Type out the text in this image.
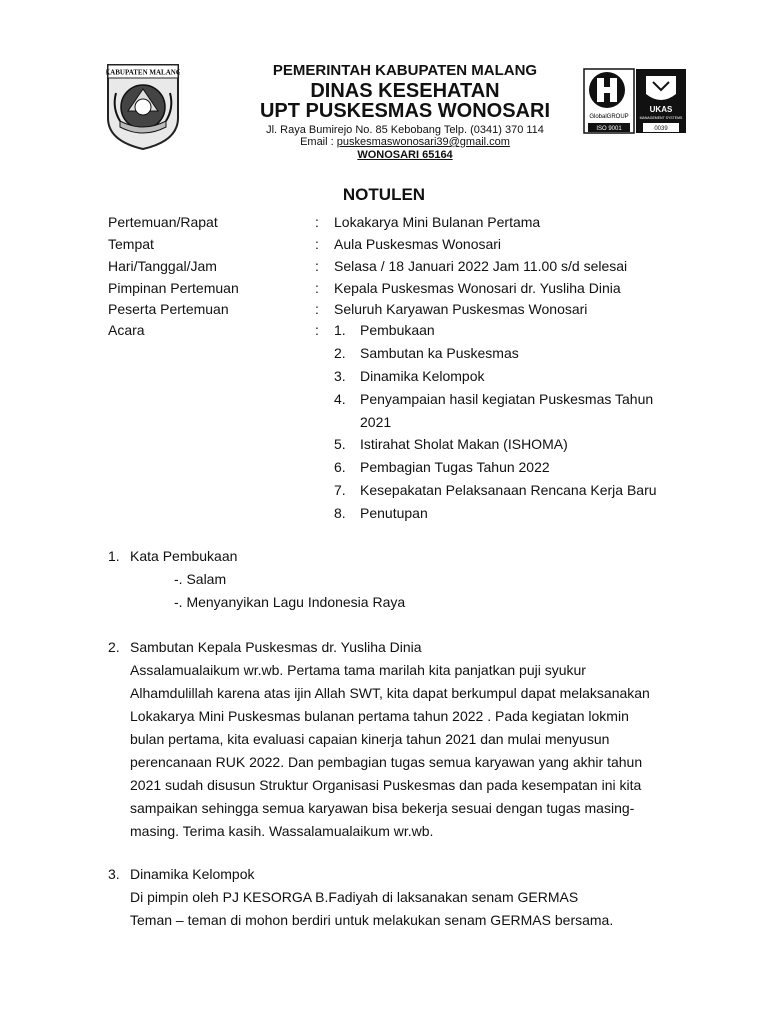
KABUPATEN MALANG	PEMERINTAH KABUPATEN MALANG
DINAS KESEHATAN
UPT PUSKESMAS WONOSARI
Jl. Raya Bumirejo No. 85 Kebobang Telp. (0341) 370 114
Email : puskesmaswonosari39@gmail.com
WONOSARI 65164
GlobalGROUP
ISO 9001
UKAS
MANAGEMENT SYSTEMS
0039
NOTULEN
Pertemuan/Rapat	: Lokakarya Mini Bulanan Pertama
Tempat	: Aula Puskesmas Wonosari
Hari/Tanggal/Jam	: Selasa / 18 Januari 2022 Jam 11.00 s/d selesai
Pimpinan Pertemuan	: Kepala Puskesmas Wonosari dr. Yusliha Dinia
Peserta Pertemuan	: Seluruh Karyawan Puskesmas Wonosari
Acara	: 1. Pembukaan
2. Sambutan ka Puskesmas
3. Dinamika Kelompok
4. Penyampaian hasil kegiatan Puskesmas Tahun
2021
5. Istirahat Sholat Makan (ISHOMA)
6. Pembagian Tugas Tahun 2022
7. Kesepakatan Pelaksanaan Rencana Kerja Baru
8. Penutupan
1. Kata Pembukaan
-. Salam
-. Menyanyikan Lagu Indonesia Raya
2. Sambutan Kepala Puskesmas dr. Yusliha Dinia
Assalamualaikum wr.wb. Pertama tama marilah kita panjatkan puji syukur
Alhamdulillah karena atas ijin Allah SWT, kita dapat berkumpul dapat melaksanakan
Lokakarya Mini Puskesmas bulanan pertama tahun 2022 . Pada kegiatan lokmin
bulan pertama, kita evaluasi capaian kinerja tahun 2021 dan mulai menyusun
perencanaan RUK 2022. Dan pembagian tugas semua karyawan yang akhir tahun
2021 sudah disusun Struktur Organisasi Puskesmas dan pada kesempatan ini kita
sampaikan sehingga semua karyawan bisa bekerja sesuai dengan tugas masing-
masing. Terima kasih. Wassalamualaikum wr.wb.
3. Dinamika Kelompok
Di pimpin oleh PJ KESORGA B.Fadiyah di laksanakan senam GERMAS
Teman – teman di mohon berdiri untuk melakukan senam GERMAS bersama.
